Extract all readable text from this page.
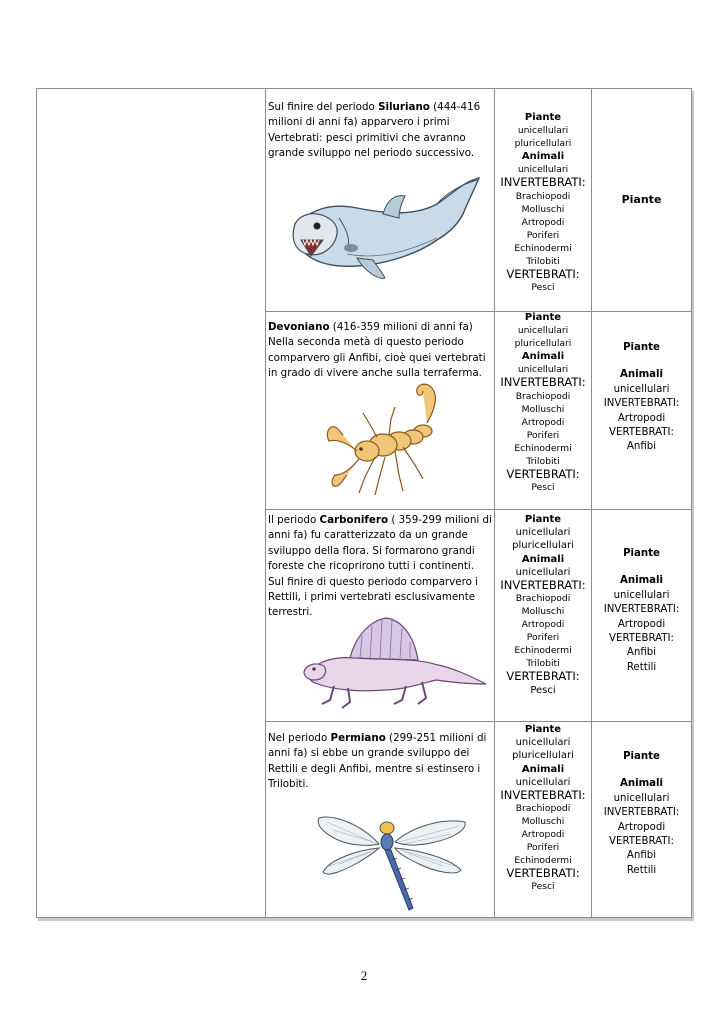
Sul finire del periodo Siluriano (444-416 milioni di anni fa) apparvero i primi Vertebrati: pesci primitivi che avranno grande sviluppo nel periodo successivo.
Piante
unicellulari
pluricellulari
Animali
unicellulari
INVERTEBRATI:
Brachiopodi
Molluschi
Artropodi
Poriferi
Echinodermi
Trilobiti
VERTEBRATI:
Pesci
Piante
Devoniano (416-359 milioni di anni fa) Nella seconda metà di questo periodo comparvero gli Anfibi, cioè quei vertebrati in grado di vivere anche sulla terraferma.
Piante
unicellulari
pluricellulari
Animali
unicellulari
INVERTEBRATI:
Brachiopodi
Molluschi
Artropodi
Poriferi
Echinodermi
Trilobiti
VERTEBRATI:
Pesci
Piante
Animali
unicellulari
INVERTEBRATI:
Artropodi
VERTEBRATI:
Anfibi
Il periodo Carbonifero ( 359-299 milioni di anni fa) fu caratterizzato da un grande sviluppo della flora. Si formarono grandi foreste che ricoprirono tutti i continenti. Sul finire di questo periodo comparvero i Rettili, i primi vertebrati esclusivamente terrestri.
Piante
unicellulari
pluricellulari
Animali
unicellulari
INVERTEBRATI:
Brachiopodi
Molluschi
Artropodi
Poriferi
Echinodermi
Trilobiti
VERTEBRATI:
Pesci
Piante
Animali
unicellulari
INVERTEBRATI:
Artropodi
VERTEBRATI:
Anfibi
Rettili
Nel periodo Permiano (299-251 milioni di anni fa) si ebbe un grande sviluppo dei Rettili e degli Anfibi, mentre si estinsero i Trilobiti.
Piante
unicellulari
pluricellulari
Animali
unicellulari
INVERTEBRATI:
Brachiopodi
Molluschi
Artropodi
Poriferi
Echinodermi
VERTEBRATI:
Pesci
Piante
Animali
unicellulari
INVERTEBRATI:
Artropodi
VERTEBRATI:
Anfibi
Rettili
2
